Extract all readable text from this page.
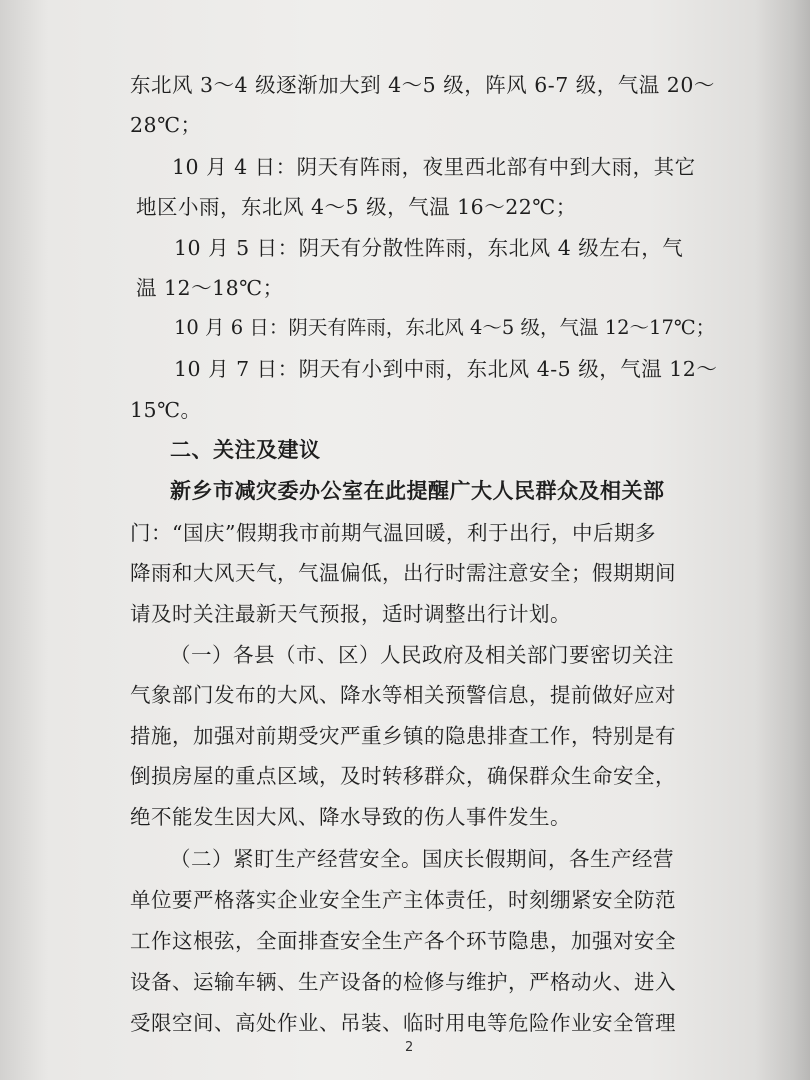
东北风 3～4 级逐渐加大到 4～5 级，阵风 6-7 级，气温 20～
28℃；
10 月 4 日：阴天有阵雨，夜里西北部有中到大雨，其它
地区小雨，东北风 4～5 级，气温 16～22℃；
10 月 5 日：阴天有分散性阵雨，东北风 4 级左右，气
温 12～18℃；
10 月 6 日：阴天有阵雨，东北风 4～5 级，气温 12～17℃；
10 月 7 日：阴天有小到中雨，东北风 4-5 级，气温 12～
15℃。
二、关注及建议
新乡市减灾委办公室在此提醒广大人民群众及相关部
门：“国庆”假期我市前期气温回暖，利于出行，中后期多
降雨和大风天气，气温偏低，出行时需注意安全；假期期间
请及时关注最新天气预报，适时调整出行计划。
（一）各县（市、区）人民政府及相关部门要密切关注
气象部门发布的大风、降水等相关预警信息，提前做好应对
措施，加强对前期受灾严重乡镇的隐患排查工作，特别是有
倒损房屋的重点区域，及时转移群众，确保群众生命安全，
绝不能发生因大风、降水导致的伤人事件发生。
（二）紧盯生产经营安全。国庆长假期间，各生产经营
单位要严格落实企业安全生产主体责任，时刻绷紧安全防范
工作这根弦，全面排查安全生产各个环节隐患，加强对安全
设备、运输车辆、生产设备的检修与维护，严格动火、进入
受限空间、高处作业、吊装、临时用电等危险作业安全管理
2
